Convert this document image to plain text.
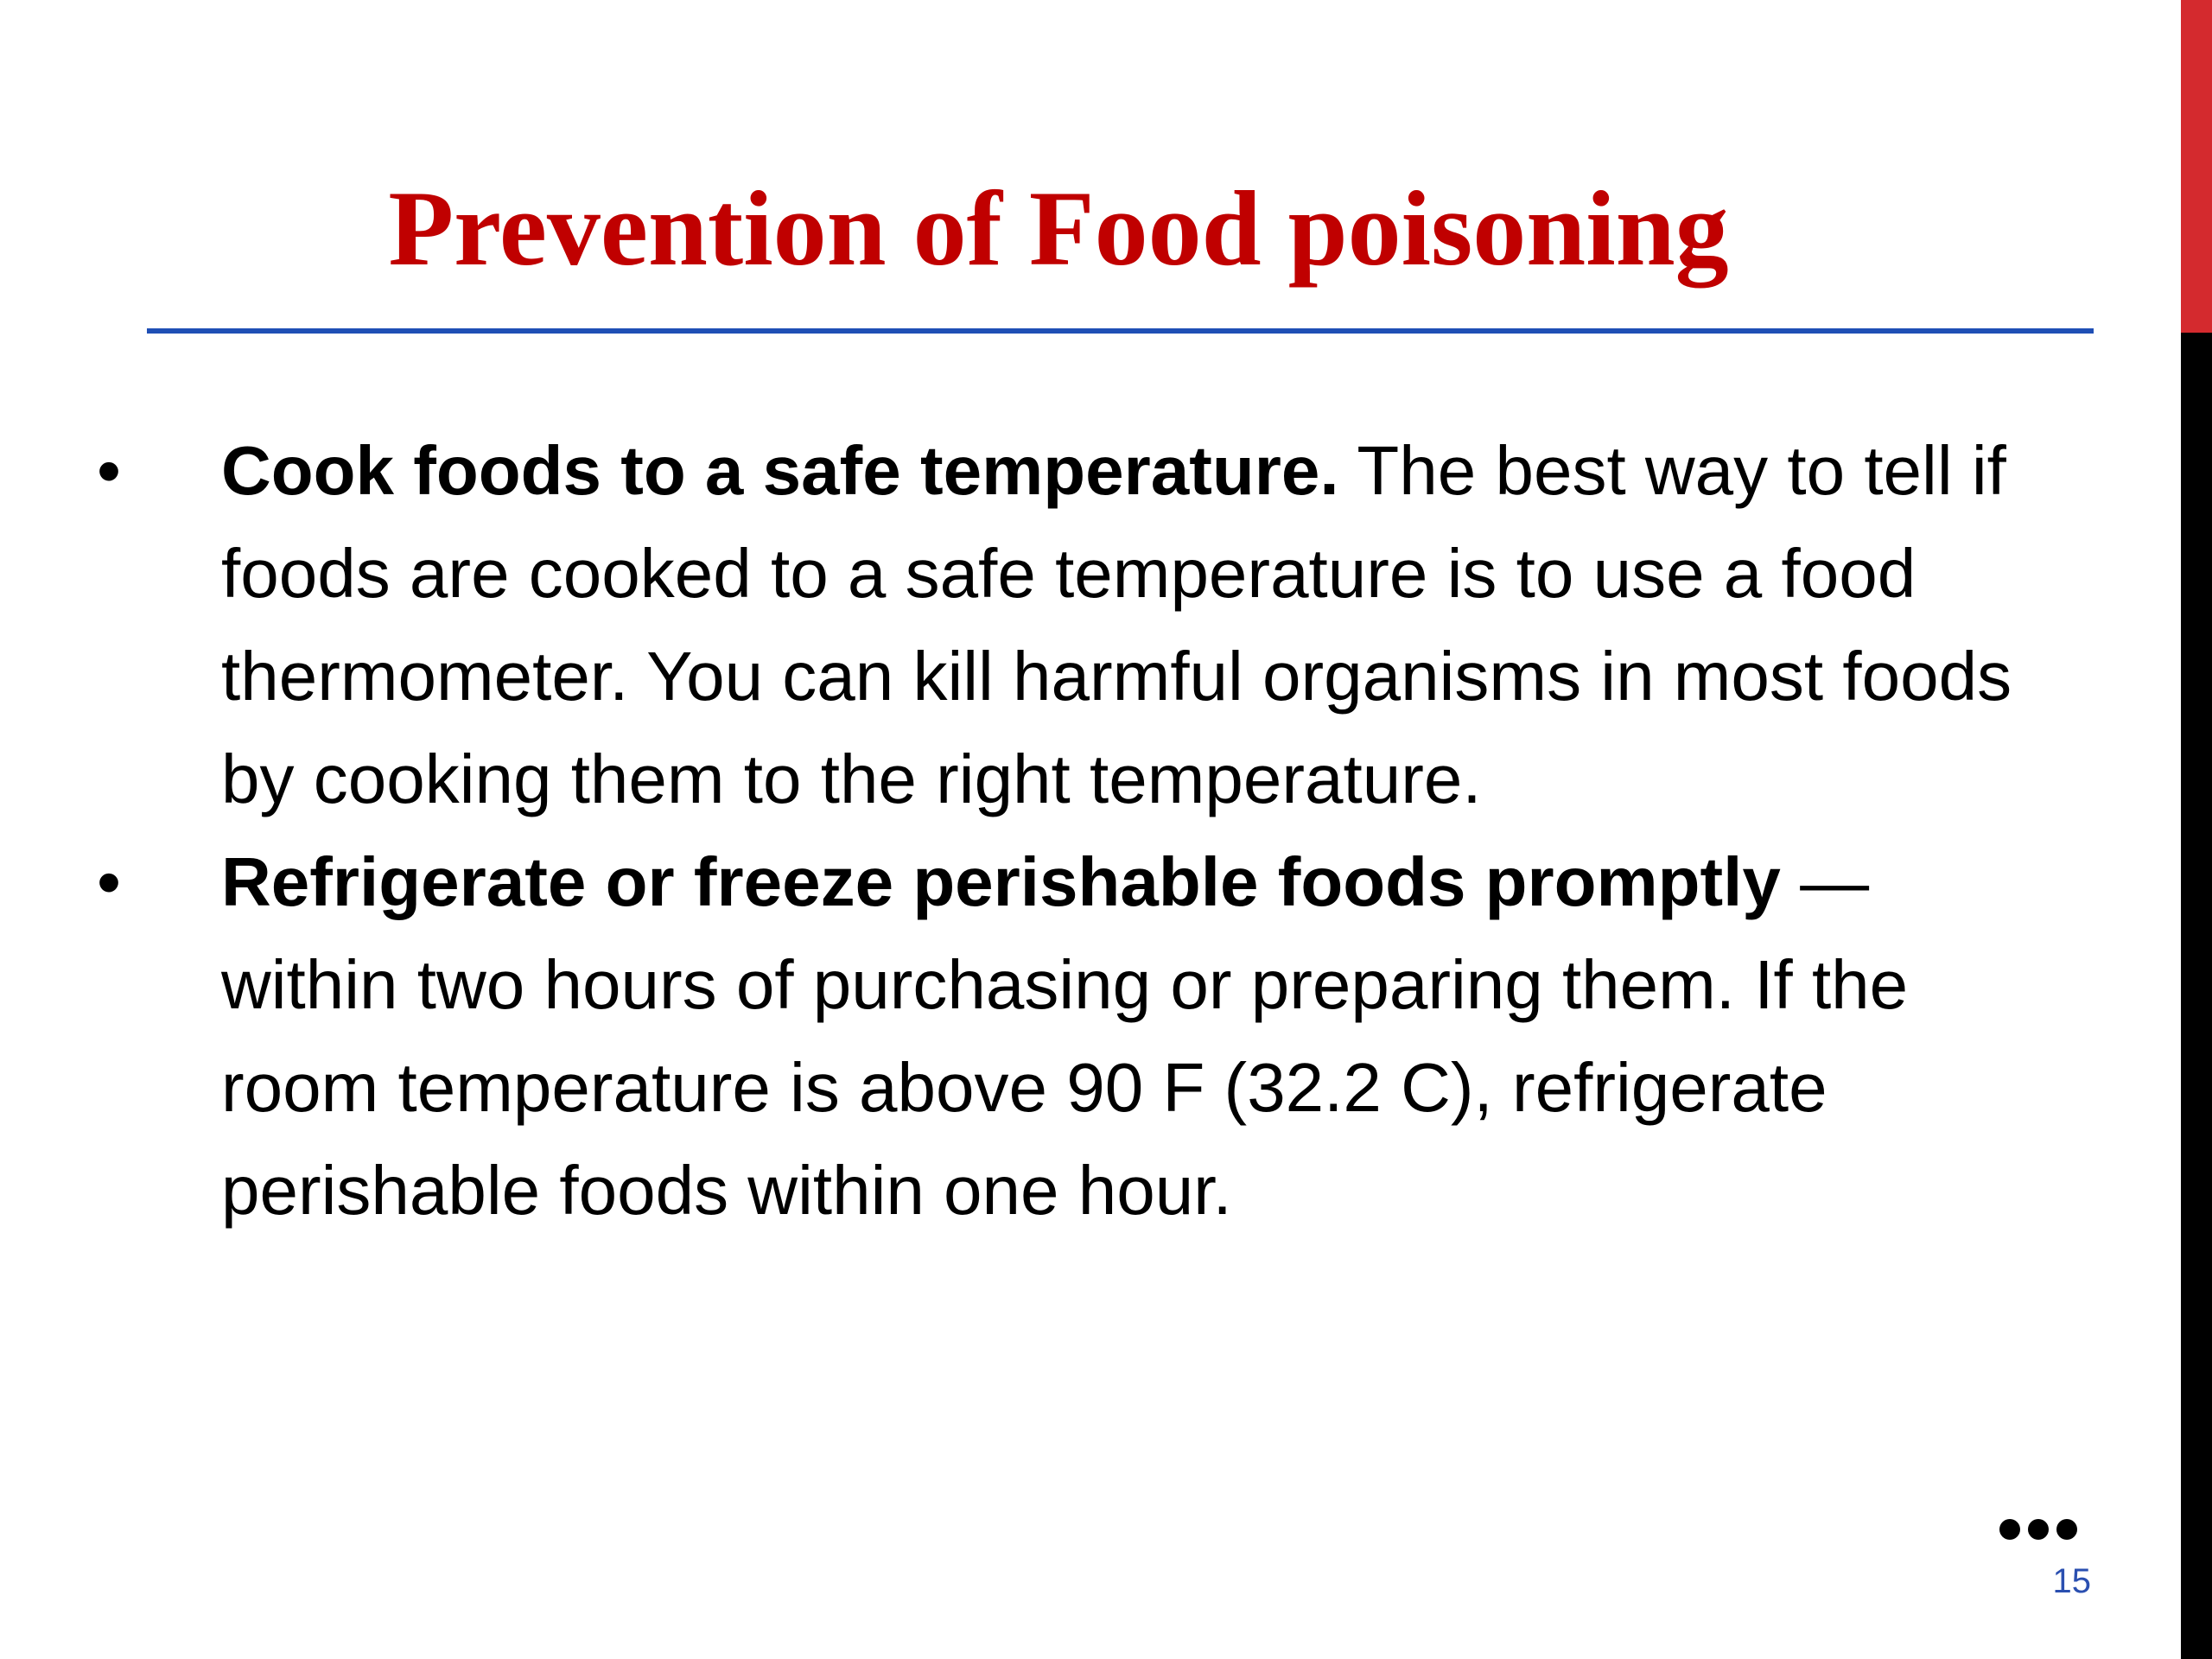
Prevention of Food poisoning
• Cook foods to a safe temperature. The best way to tell if foods are cooked to a safe temperature is to use a food thermometer. You can kill harmful organisms in most foods by cooking them to the right temperature.
• Refrigerate or freeze perishable foods promptly — within two hours of purchasing or preparing them. If the room temperature is above 90 F (32.2 C), refrigerate perishable foods within one hour.
15
